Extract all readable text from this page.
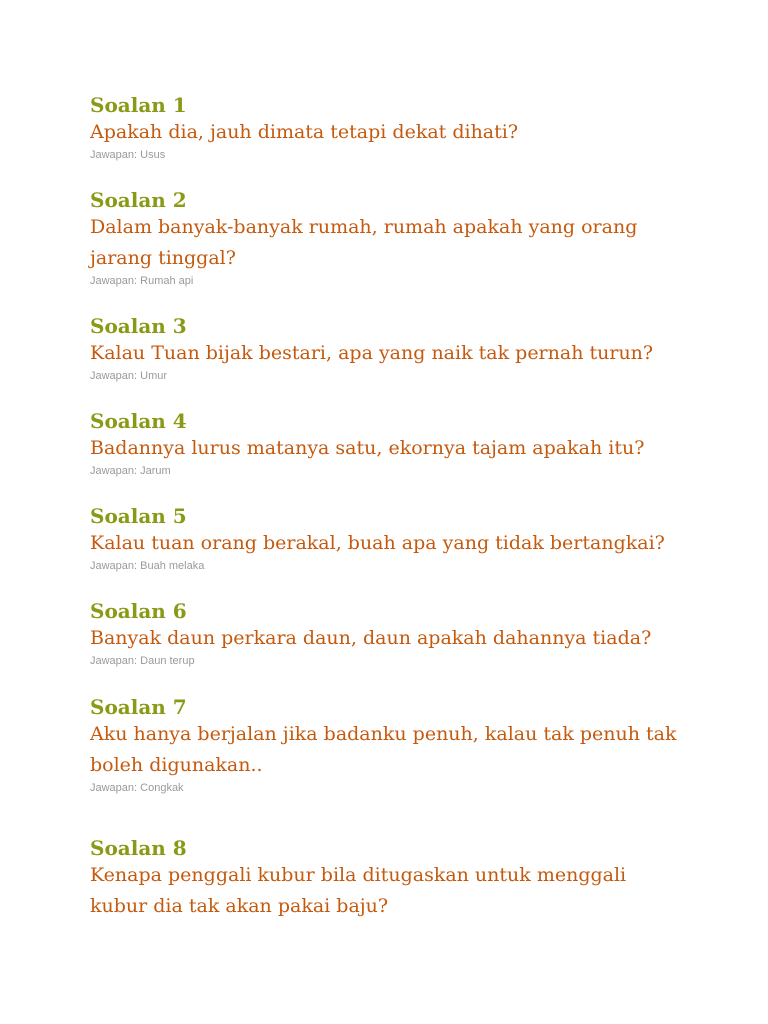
Soalan 1
Apakah dia, jauh dimata tetapi dekat dihati?
Jawapan: Usus
Soalan 2
Dalam banyak-banyak rumah, rumah apakah yang orang jarang tinggal?
Jawapan: Rumah api
Soalan 3
Kalau Tuan bijak bestari, apa yang naik tak pernah turun?
Jawapan: Umur
Soalan 4
Badannya lurus matanya satu, ekornya tajam apakah itu?
Jawapan: Jarum
Soalan 5
Kalau tuan orang berakal, buah apa yang tidak bertangkai?
Jawapan: Buah melaka
Soalan 6
Banyak daun perkara daun, daun apakah dahannya tiada?
Jawapan: Daun terup
Soalan 7
Aku hanya berjalan jika badanku penuh, kalau tak penuh tak boleh digunakan..
Jawapan: Congkak
Soalan 8
Kenapa penggali kubur bila ditugaskan untuk menggali kubur dia tak akan pakai baju?
